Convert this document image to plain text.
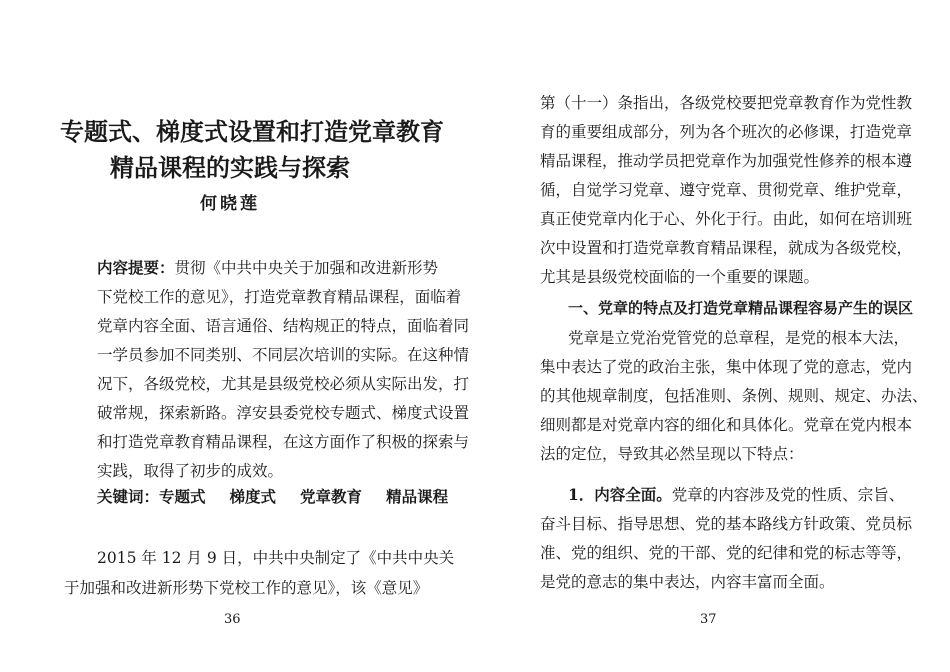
专题式、梯度式设置和打造党章教育
精品课程的实践与探索
何晓莲
内容提要：贯彻《中共中央关于加强和改进新形势
下党校工作的意见》，打造党章教育精品课程，面临着
党章内容全面、语言通俗、结构规正的特点，面临着同
一学员参加不同类别、不同层次培训的实际。在这种情
况下，各级党校，尤其是县级党校必须从实际出发，打
破常规，探索新路。淳安县委党校专题式、梯度式设置
和打造党章教育精品课程，在这方面作了积极的探索与
实践，取得了初步的成效。
关键词：专题式 梯度式 党章教育 精品课程
2015 年 12 月 9 日，中共中央制定了《中共中央关
于加强和改进新形势下党校工作的意见》，该《意见》
36
第（十一）条指出，各级党校要把党章教育作为党性教
育的重要组成部分，列为各个班次的必修课，打造党章
精品课程，推动学员把党章作为加强党性修养的根本遵
循，自觉学习党章、遵守党章、贯彻党章、维护党章，
真正使党章内化于心、外化于行。由此，如何在培训班
次中设置和打造党章教育精品课程，就成为各级党校，
尤其是县级党校面临的一个重要的课题。
一、党章的特点及打造党章精品课程容易产生的误区
党章是立党治党管党的总章程，是党的根本大法，
集中表达了党的政治主张，集中体现了党的意志，党内
的其他规章制度，包括准则、条例、规则、规定、办法、
细则都是对党章内容的细化和具体化。党章在党内根本
法的定位，导致其必然呈现以下特点：
1．内容全面。党章的内容涉及党的性质、宗旨、
奋斗目标、指导思想、党的基本路线方针政策、党员标
准、党的组织、党的干部、党的纪律和党的标志等等，
是党的意志的集中表达，内容丰富而全面。
37
